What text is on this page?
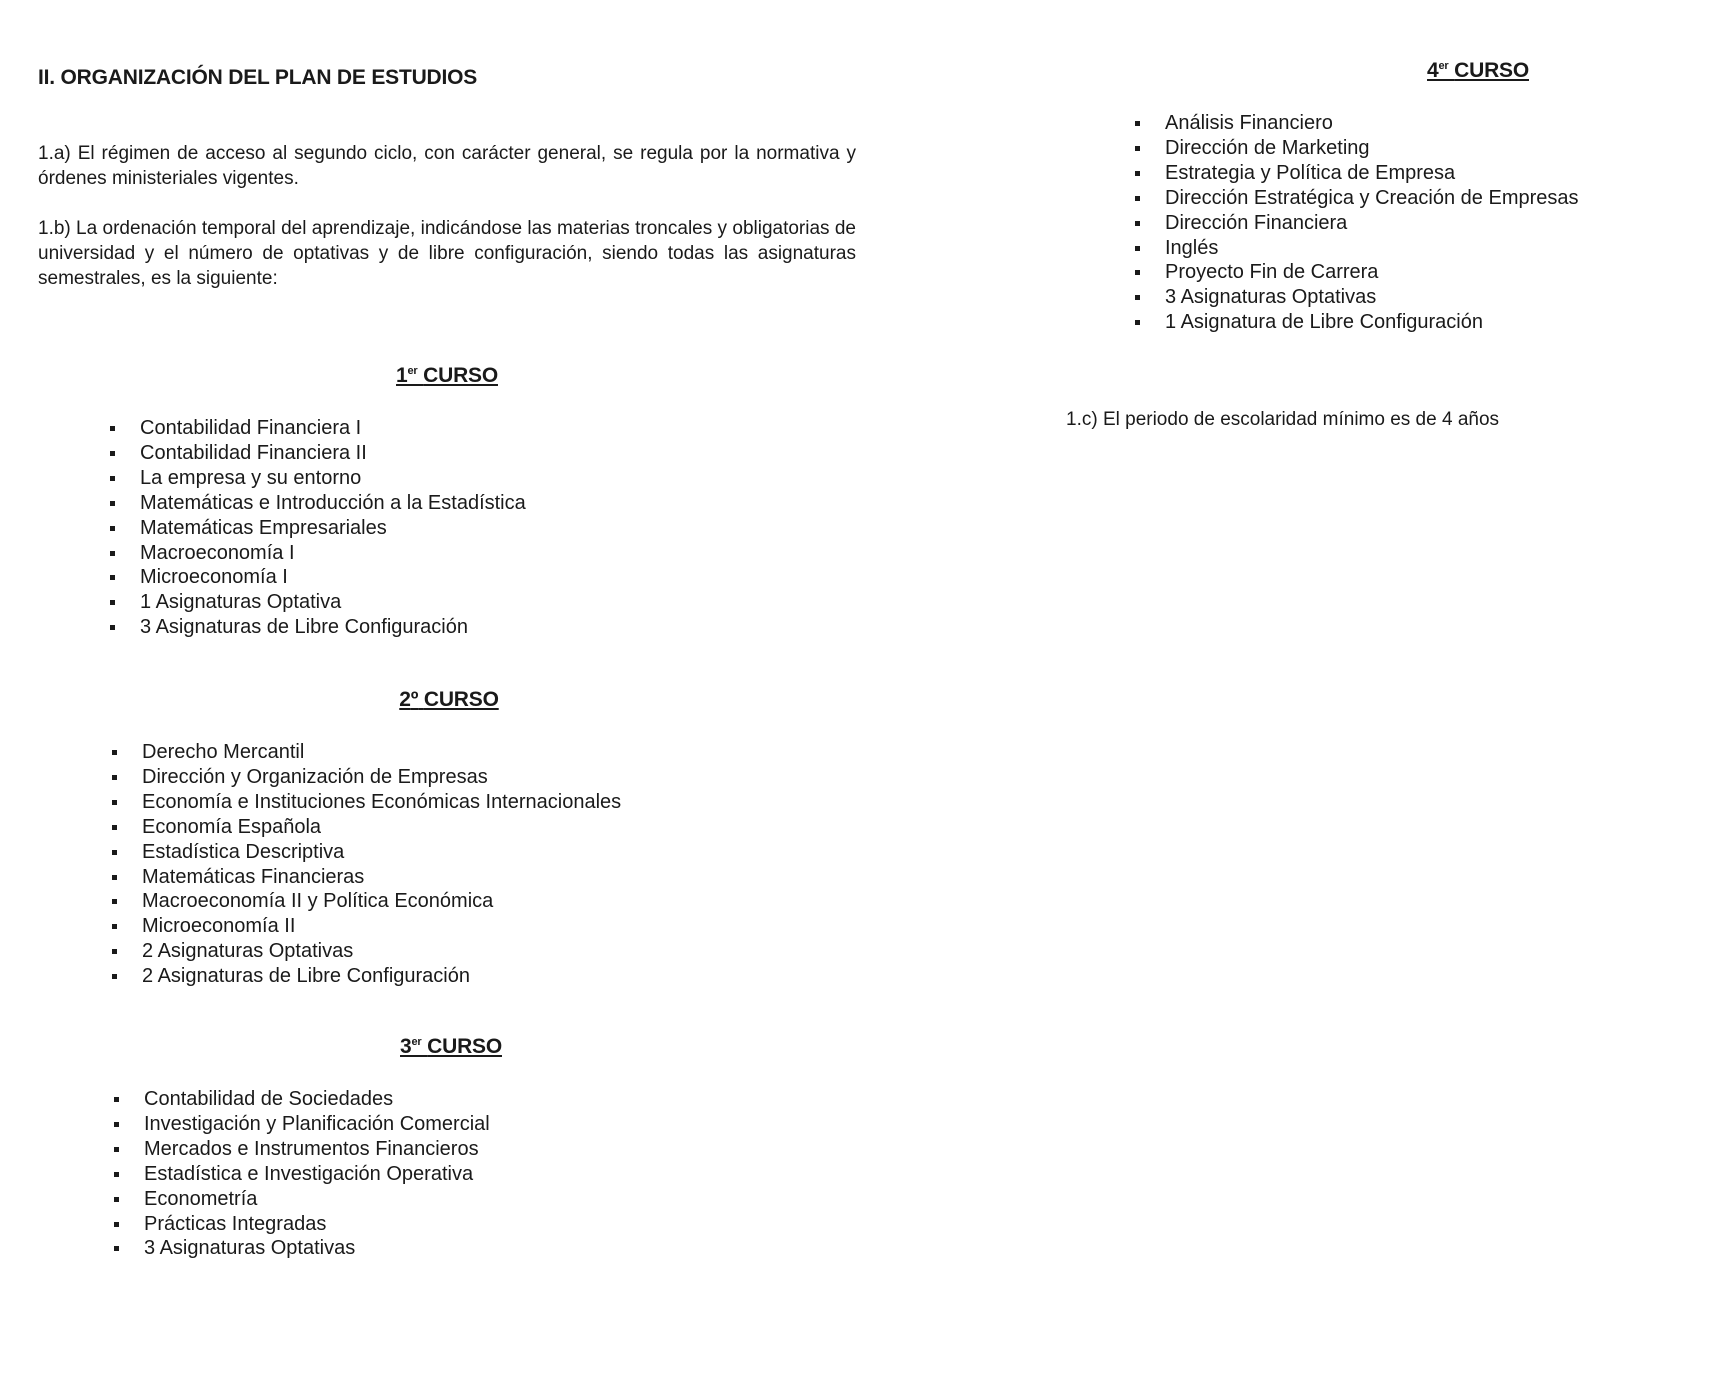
II. ORGANIZACIÓN DEL PLAN DE ESTUDIOS

1.a) El régimen de acceso al segundo ciclo, con carácter general, se regula por la normativa y órdenes ministeriales vigentes.

1.b) La ordenación temporal del aprendizaje, indicándose las materias troncales y obligatorias de universidad y el número de optativas y de libre configuración, siendo todas las asignaturas semestrales, es la siguiente:

1er CURSO
Contabilidad Financiera I
Contabilidad Financiera II
La empresa y su entorno
Matemáticas e Introducción a la Estadística
Matemáticas Empresariales
Macroeconomía I
Microeconomía I
1 Asignaturas Optativa
3 Asignaturas de Libre Configuración
2º CURSO
Derecho Mercantil
Dirección y Organización de Empresas
Economía e Instituciones Económicas Internacionales
Economía Española
Estadística Descriptiva
Matemáticas Financieras
Macroeconomía II y Política Económica
Microeconomía II
2 Asignaturas Optativas
2 Asignaturas de Libre Configuración
3er CURSO
Contabilidad de Sociedades
Investigación y Planificación Comercial
Mercados e Instrumentos Financieros
Estadística e Investigación Operativa
Econometría
Prácticas Integradas
3 Asignaturas Optativas
4er CURSO
Análisis Financiero
Dirección de Marketing
Estrategia y Política de Empresa
Dirección Estratégica y Creación de Empresas
Dirección Financiera
Inglés
Proyecto Fin de Carrera
3 Asignaturas Optativas
1 Asignatura de Libre Configuración

1.c) El periodo de escolaridad mínimo es de 4 años
